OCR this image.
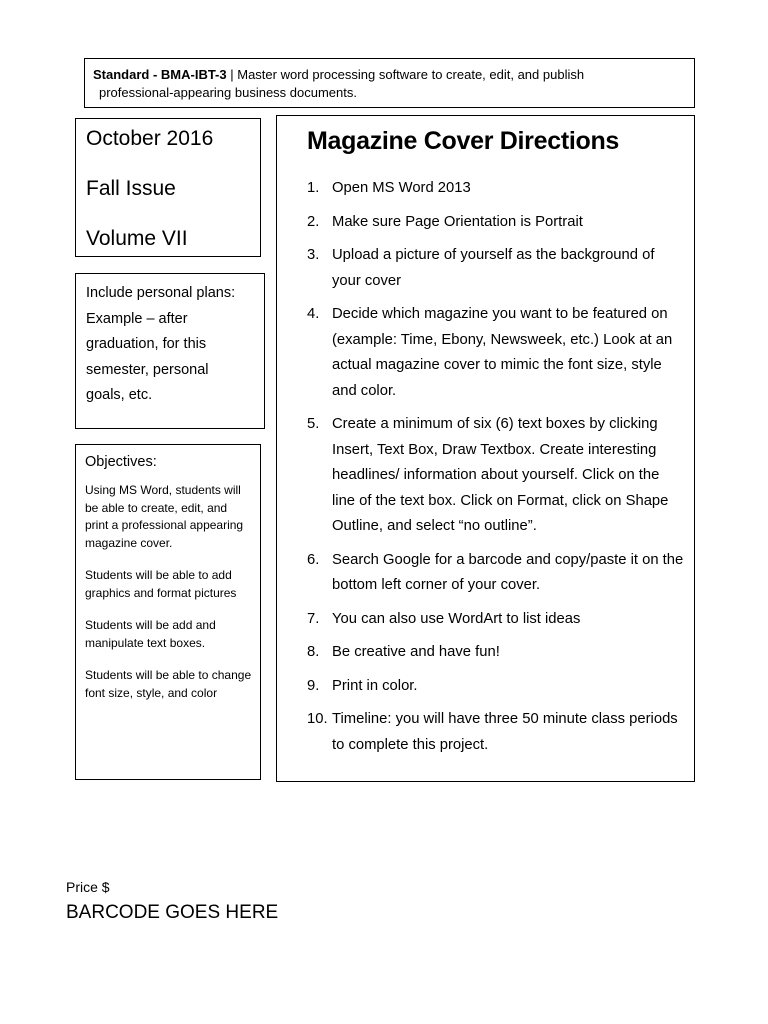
Standard - BMA-IBT-3 | Master word processing software to create, edit, and publish
professional-appearing business documents.
October 2016
Fall Issue
Volume VII
Include personal plans:
Example – after
graduation, for this
semester, personal
goals, etc.
Objectives:
Using MS Word, students will be able to create, edit, and print a professional appearing magazine cover.
Students will be able to add graphics and format pictures
Students will be add and manipulate text boxes.
Students will be able to change font size, style, and color
Magazine Cover Directions
1. Open MS Word 2013
2. Make sure Page Orientation is Portrait
3. Upload a picture of yourself as the background of your cover
4. Decide which magazine you want to be featured on (example: Time, Ebony, Newsweek, etc.) Look at an actual magazine cover to mimic the font size, style and color.
5. Create a minimum of six (6) text boxes by clicking Insert, Text Box, Draw Textbox. Create interesting headlines/ information about yourself. Click on the line of the text box. Click on Format, click on Shape Outline, and select “no outline”.
6. Search Google for a barcode and copy/paste it on the bottom left corner of your cover.
7. You can also use WordArt to list ideas
8. Be creative and have fun!
9. Print in color.
10. Timeline: you will have three 50 minute class periods to complete this project.
Price $
BARCODE GOES HERE
